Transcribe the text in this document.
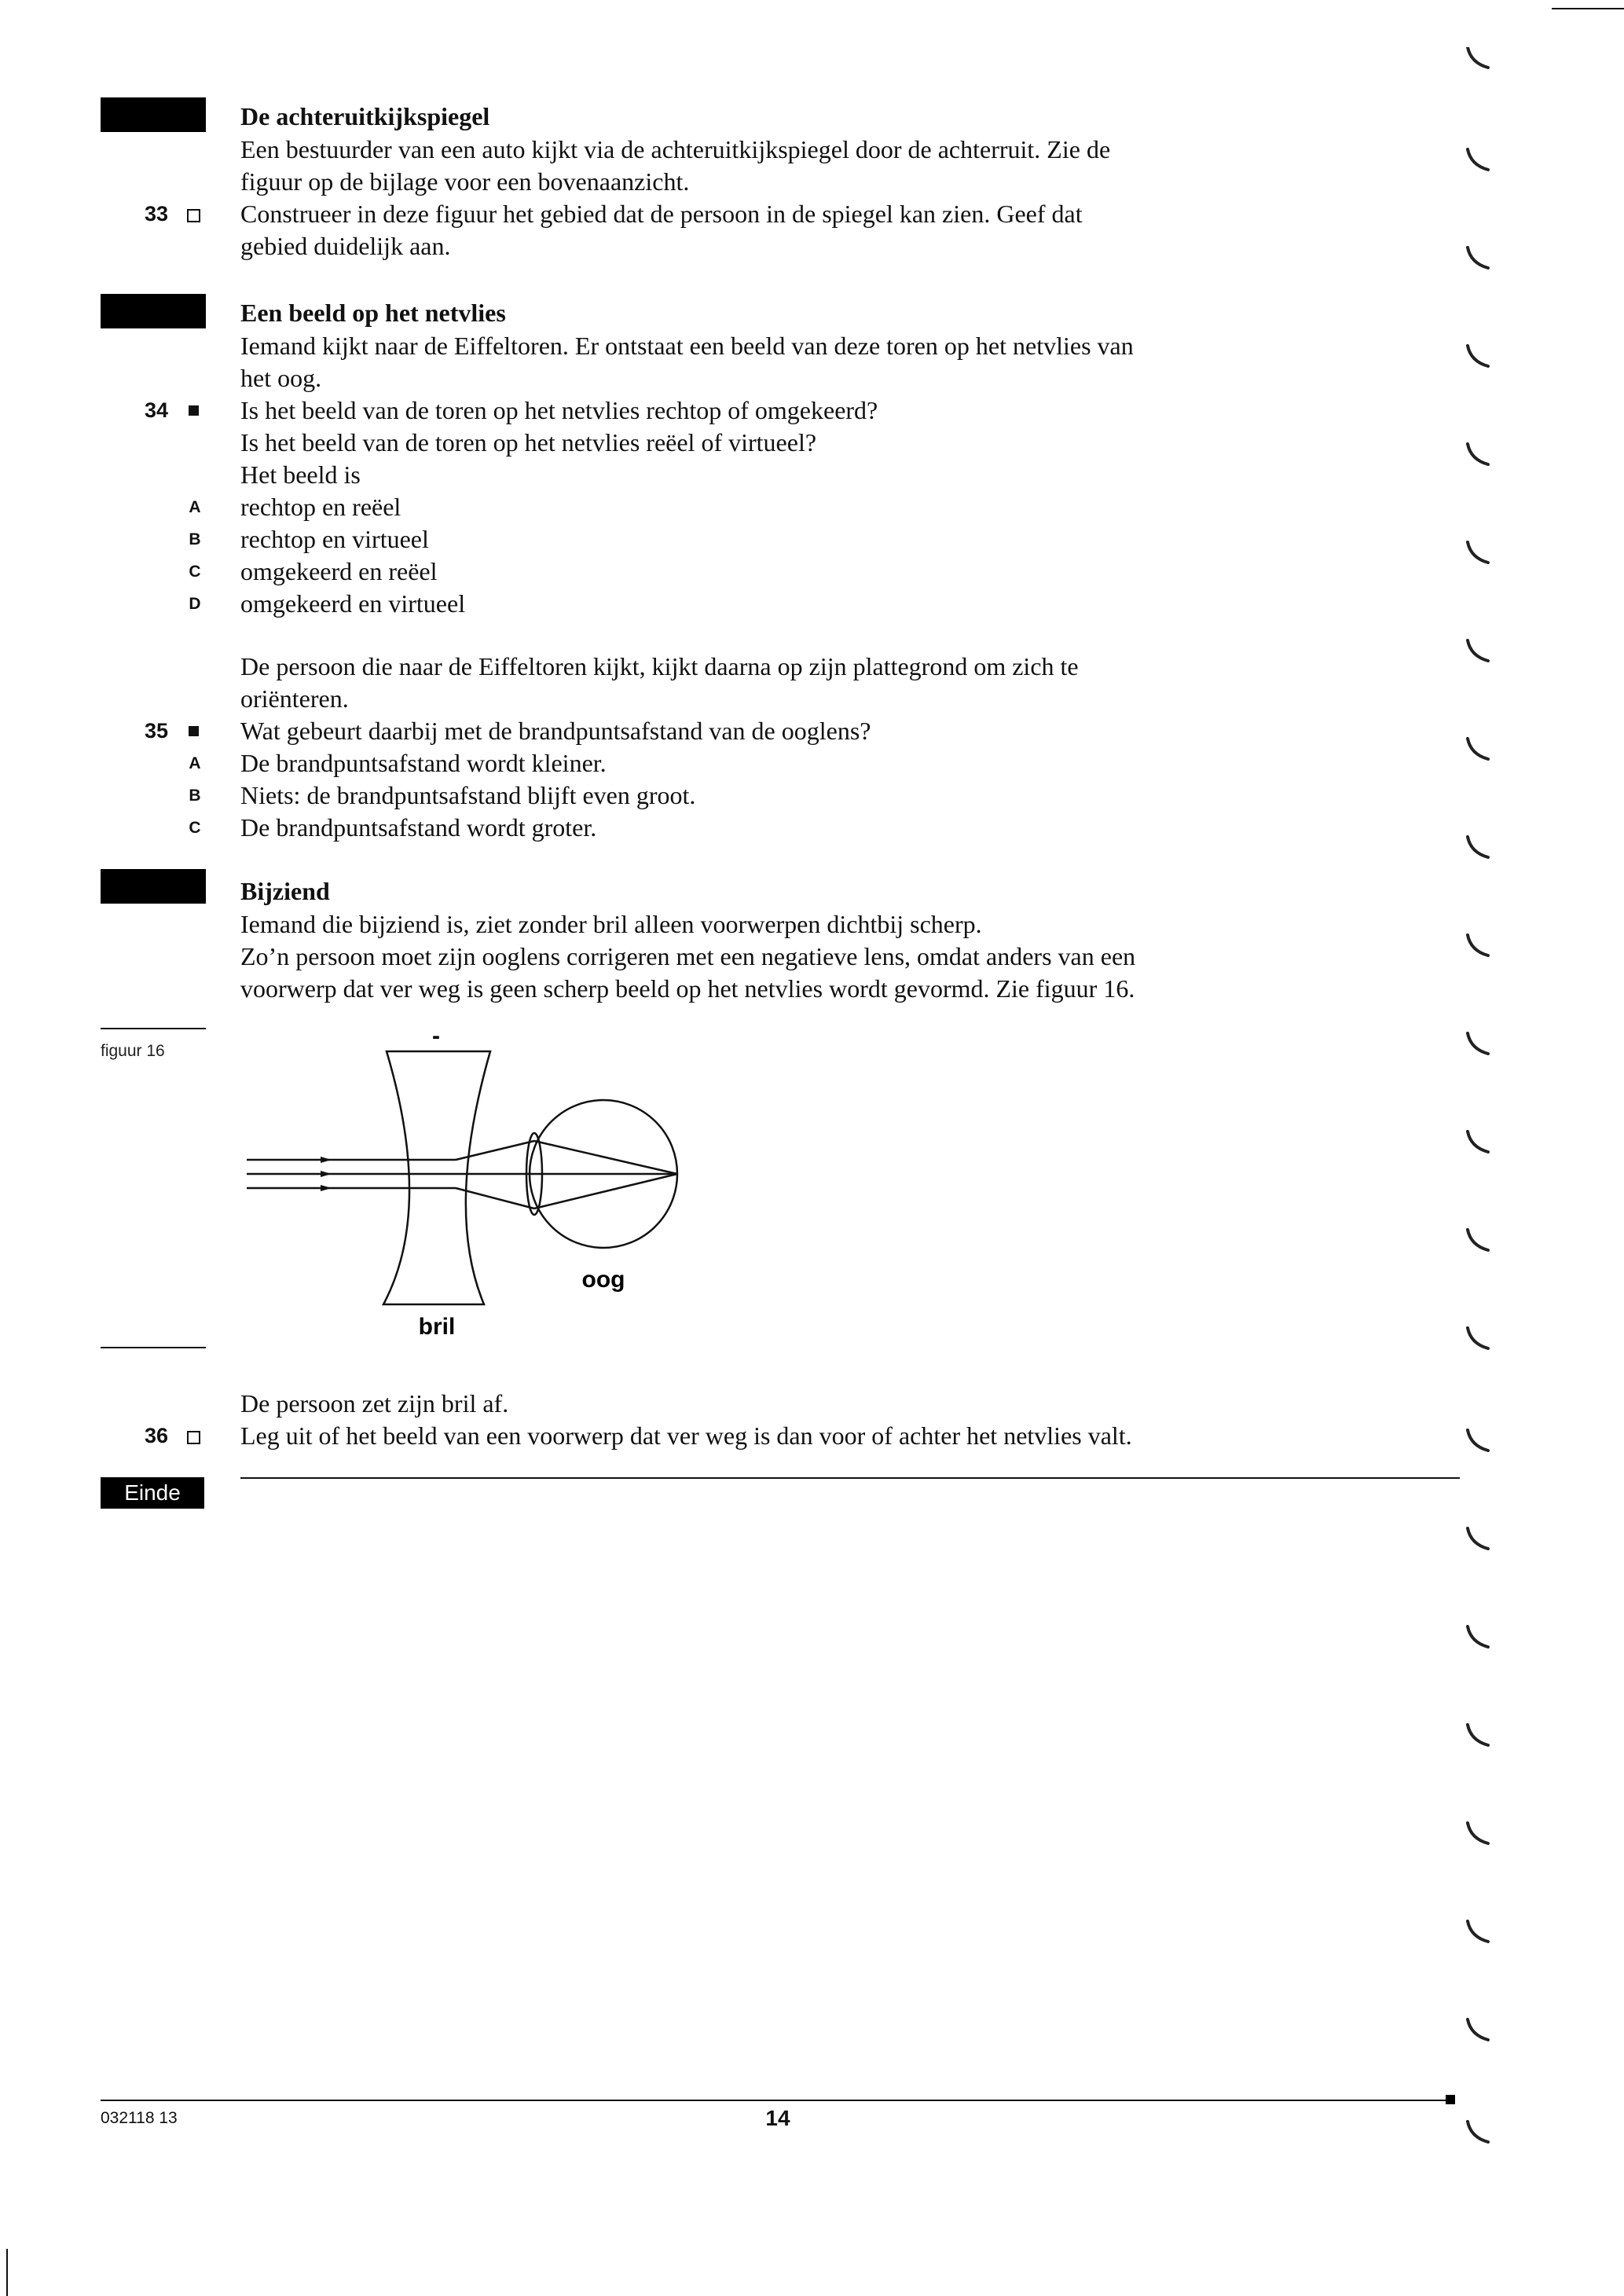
De achteruitkijkspiegel
Een bestuurder van een auto kijkt via de achteruitkijkspiegel door de achterruit. Zie de
figuur op de bijlage voor een bovenaanzicht.
33	Construeer in deze figuur het gebied dat de persoon in de spiegel kan zien. Geef dat
gebied duidelijk aan.
Een beeld op het netvlies
Iemand kijkt naar de Eiffeltoren. Er ontstaat een beeld van deze toren op het netvlies van
het oog.
34	Is het beeld van de toren op het netvlies rechtop of omgekeerd?
Is het beeld van de toren op het netvlies reëel of virtueel?
Het beeld is
A rechtop en reëel
B rechtop en virtueel
C omgekeerd en reëel
D omgekeerd en virtueel
De persoon die naar de Eiffeltoren kijkt, kijkt daarna op zijn plattegrond om zich te
oriënteren.
35	Wat gebeurt daarbij met de brandpuntsafstand van de ooglens?
A De brandpuntsafstand wordt kleiner.
B Niets: de brandpuntsafstand blijft even groot.
C De brandpuntsafstand wordt groter.
Bijziend
Iemand die bijziend is, ziet zonder bril alleen voorwerpen dichtbij scherp.
Zo’n persoon moet zijn ooglens corrigeren met een negatieve lens, omdat anders van een
voorwerp dat ver weg is geen scherp beeld op het netvlies wordt gevormd. Zie figuur 16.
figuur 16
-
oog
bril
De persoon zet zijn bril af.
36	Leg uit of het beeld van een voorwerp dat ver weg is dan voor of achter het netvlies valt.
Einde
032118 13	14
